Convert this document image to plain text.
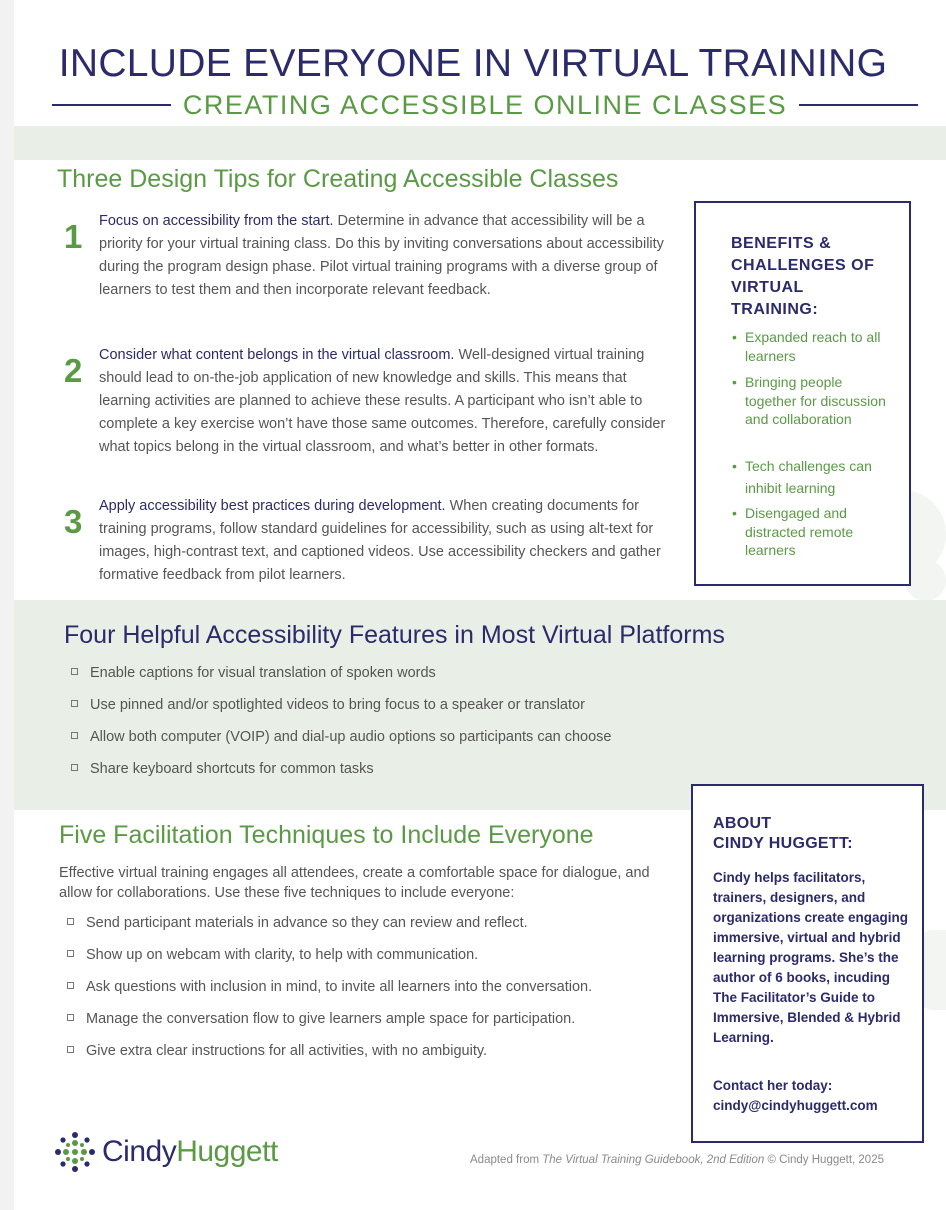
INCLUDE EVERYONE IN VIRTUAL TRAINING
CREATING ACCESSIBLE ONLINE CLASSES
Three Design Tips for Creating Accessible Classes
1 Focus on accessibility from the start. Determine in advance that accessibility will be a priority for your virtual training class. Do this by inviting conversations about accessibility during the program design phase. Pilot virtual training programs with a diverse group of learners to test them and then incorporate relevant feedback.
2 Consider what content belongs in the virtual classroom. Well-designed virtual training should lead to on-the-job application of new knowledge and skills. This means that learning activities are planned to achieve these results. A participant who isn’t able to complete a key exercise won’t have those same outcomes. Therefore, carefully consider what topics belong in the virtual classroom, and what’s better in other formats.
3 Apply accessibility best practices during development. When creating documents for training programs, follow standard guidelines for accessibility, such as using alt-text for images, high-contrast text, and captioned videos. Use accessibility checkers and gather formative feedback from pilot learners.
BENEFITS & CHALLENGES OF VIRTUAL TRAINING:
• Expanded reach to all learners
• Bringing people together for discussion and collaboration
• Tech challenges can inhibit learning
• Disengaged and distracted remote learners
Four Helpful Accessibility Features in Most Virtual Platforms
Enable captions for visual translation of spoken words
Use pinned and/or spotlighted videos to bring focus to a speaker or translator
Allow both computer (VOIP) and dial-up audio options so participants can choose
Share keyboard shortcuts for common tasks
Five Facilitation Techniques to Include Everyone

Effective virtual training engages all attendees, create a comfortable space for dialogue, and allow for collaborations. Use these five techniques to include everyone:

Send participant materials in advance so they can review and reflect.
Show up on webcam with clarity, to help with communication.
Ask questions with inclusion in mind, to invite all learners into the conversation.
Manage the conversation flow to give learners ample space for participation.
Give extra clear instructions for all activities, with no ambiguity.
ABOUT
CINDY HUGGETT:
Cindy helps facilitators, trainers, designers, and organizations create engaging immersive, virtual and hybrid learning programs. She’s the author of 6 books, incuding The Facilitator’s Guide to Immersive, Blended & Hybrid Learning.
Contact her today:
cindy@cindyhuggett.com
CindyHuggett	Adapted from The Virtual Training Guidebook, 2nd Edition © Cindy Huggett, 2025
